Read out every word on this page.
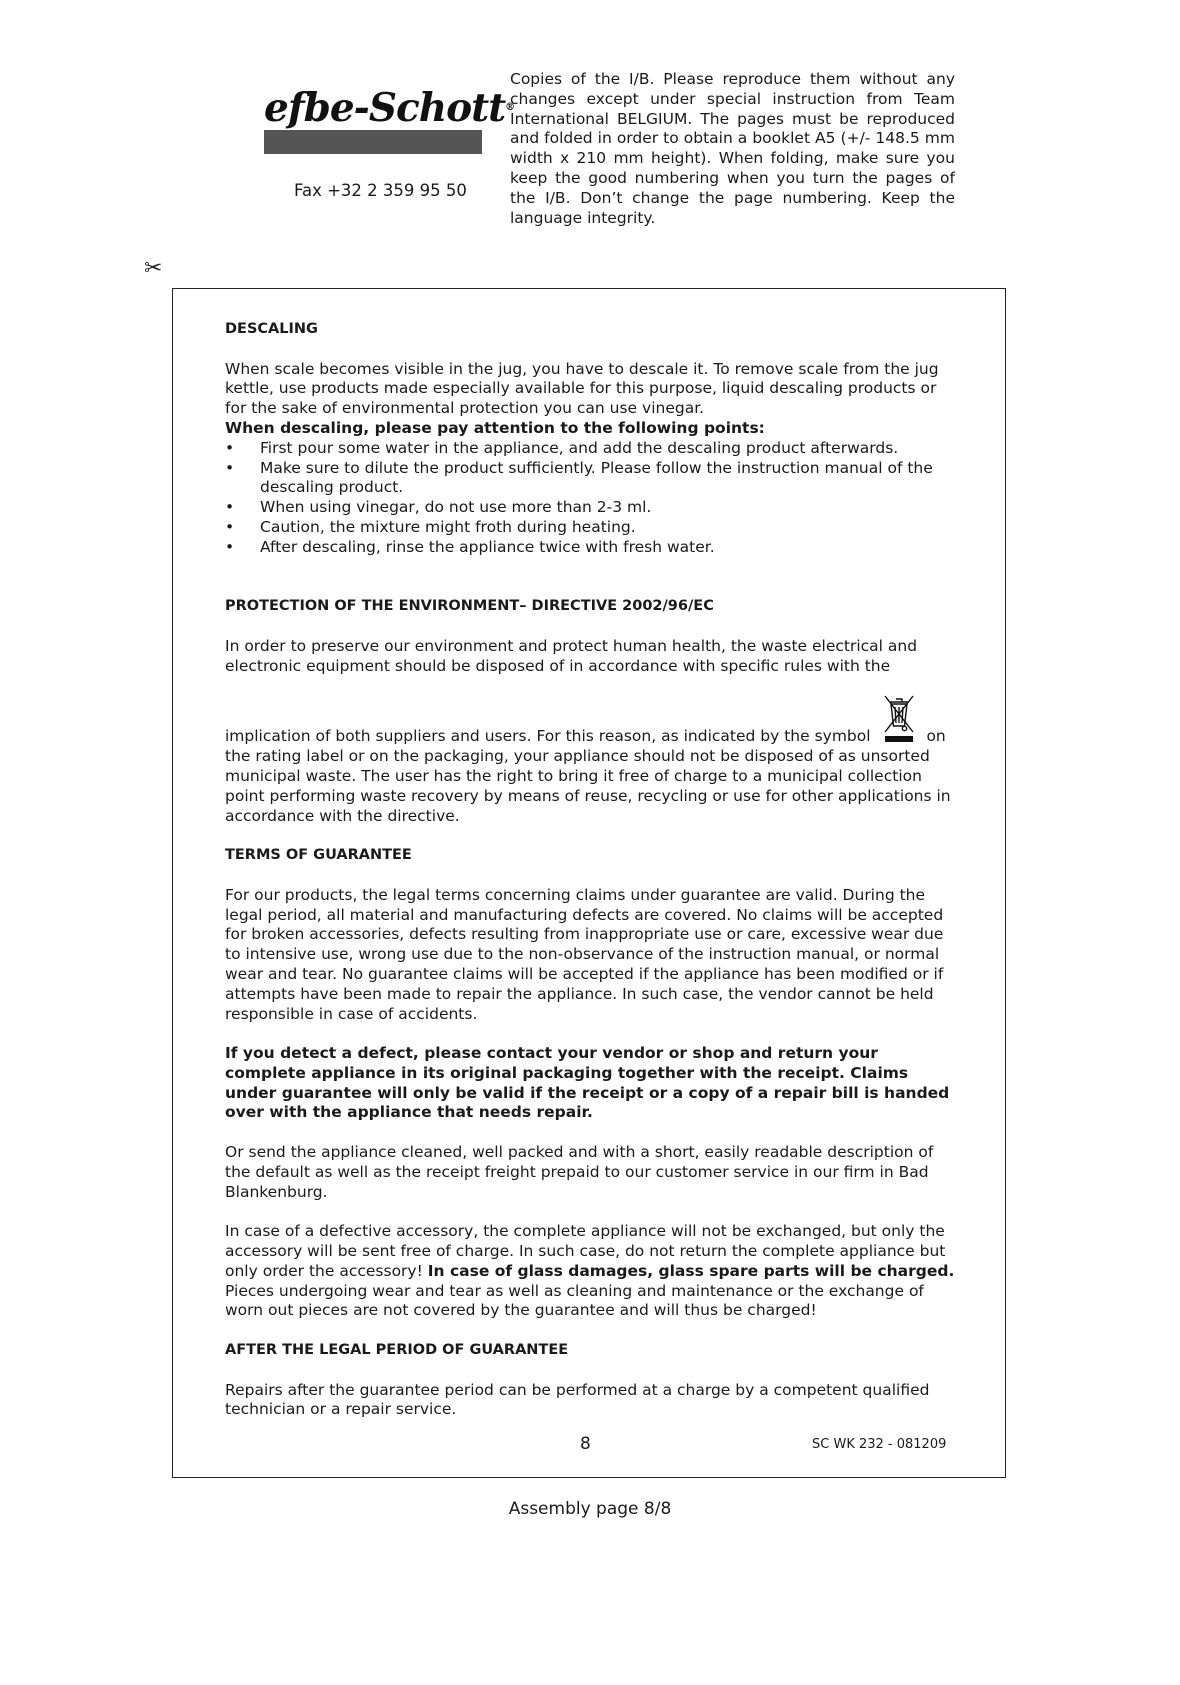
efbe-Schott®
Fax +32 2 359 95 50

Copies of the I/B. Please reproduce them without any changes except under special instruction from Team International BELGIUM. The pages must be reproduced and folded in order to obtain a booklet A5 (+/- 148.5 mm width x 210 mm height). When folding, make sure you keep the good numbering when you turn the pages of the I/B. Don’t change the page numbering. Keep the language integrity.

✂

DESCALING

When scale becomes visible in the jug, you have to descale it. To remove scale from the jug kettle, use products made especially available for this purpose, liquid descaling products or for the sake of environmental protection you can use vinegar.

When descaling, please pay attention to the following points:

• First pour some water in the appliance, and add the descaling product afterwards.
• Make sure to dilute the product sufficiently. Please follow the instruction manual of the descaling product.
• When using vinegar, do not use more than 2-3 ml.
• Caution, the mixture might froth during heating.
• After descaling, rinse the appliance twice with fresh water.

PROTECTION OF THE ENVIRONMENT– DIRECTIVE 2002/96/EC

In order to preserve our environment and protect human health, the waste electrical and electronic equipment should be disposed of in accordance with specific rules with the

implication of both suppliers and users. For this reason, as indicated by the symbol	on the rating label or on the packaging, your appliance should not be disposed of as unsorted municipal waste. The user has the right to bring it free of charge to a municipal collection point performing waste recovery by means of reuse, recycling or use for other applications in accordance with the directive.

TERMS OF GUARANTEE

For our products, the legal terms concerning claims under guarantee are valid. During the legal period, all material and manufacturing defects are covered. No claims will be accepted for broken accessories, defects resulting from inappropriate use or care, excessive wear due to intensive use, wrong use due to the non-observance of the instruction manual, or normal wear and tear. No guarantee claims will be accepted if the appliance has been modified or if attempts have been made to repair the appliance. In such case, the vendor cannot be held responsible in case of accidents.

If you detect a defect, please contact your vendor or shop and return your complete appliance in its original packaging together with the receipt. Claims under guarantee will only be valid if the receipt or a copy of a repair bill is handed over with the appliance that needs repair.

Or send the appliance cleaned, well packed and with a short, easily readable description of the default as well as the receipt freight prepaid to our customer service in our firm in Bad Blankenburg.

In case of a defective accessory, the complete appliance will not be exchanged, but only the accessory will be sent free of charge. In such case, do not return the complete appliance but only order the accessory! In case of glass damages, glass spare parts will be charged. Pieces undergoing wear and tear as well as cleaning and maintenance or the exchange of worn out pieces are not covered by the guarantee and will thus be charged!

AFTER THE LEGAL PERIOD OF GUARANTEE

Repairs after the guarantee period can be performed at a charge by a competent qualified technician or a repair service.

8	SC WK 232 - 081209
Assembly page 8/8
